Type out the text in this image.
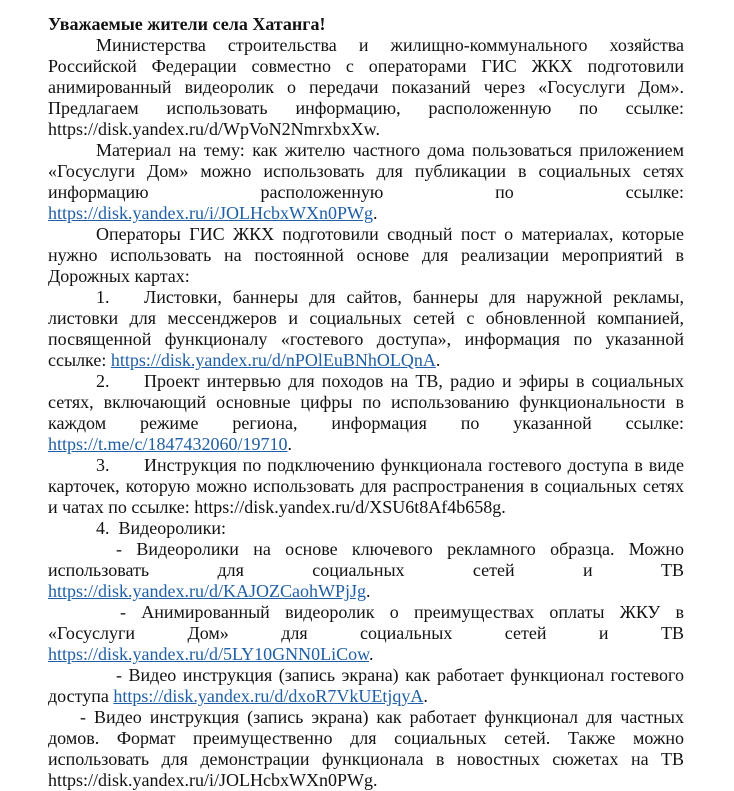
Уважаемые жители села Хатанга!

Министерства строительства и жилищно-коммунального хозяйства Российской Федерации совместно с операторами ГИС ЖКХ подготовили анимированный видеоролик о передачи показаний через «Госуслуги Дом». Предлагаем использовать информацию, расположенную по ссылке: https://disk.yandex.ru/d/WpVoN2NmrxbxXw.

Материал на тему: как жителю частного дома пользоваться приложением «Госуслуги Дом» можно использовать для публикации в социальных сетях информацию расположенную по ссылке: https://disk.yandex.ru/i/JOLHcbxWXn0PWg.

Операторы ГИС ЖКХ подготовили сводный пост о материалах, которые нужно использовать на постоянной основе для реализации мероприятий в Дорожных картах:

1. Листовки, баннеры для сайтов, баннеры для наружной рекламы, листовки для мессенджеров и социальных сетей с обновленной компанией, посвященной функционалу «гостевого доступа», информация по указанной ссылке: https://disk.yandex.ru/d/nPOlEuBNhOLQnA.

2. Проект интервью для походов на ТВ, радио и эфиры в социальных сетях, включающий основные цифры по использованию функциональности в каждом режиме региона, информация по указанной ссылке: https://t.me/c/1847432060/19710.

3. Инструкция по подключению функционала гостевого доступа в виде карточек, которую можно использовать для распространения в социальных сетях и чатах по ссылке: https://disk.yandex.ru/d/XSU6t8Af4b658g.

4. Видеоролики:

- Видеоролики на основе ключевого рекламного образца. Можно использовать для социальных сетей и ТВ https://disk.yandex.ru/d/KAJOZCaohWPjJg.

- Анимированный видеоролик о преимуществах оплаты ЖКУ в «Госуслуги Дом» для социальных сетей и ТВ https://disk.yandex.ru/d/5LY10GNN0LiCow.

- Видео инструкция (запись экрана) как работает функционал гостевого доступа https://disk.yandex.ru/d/dxoR7VkUEtjqyA.

- Видео инструкция (запись экрана) как работает функционал для частных домов. Формат преимущественно для социальных сетей. Также можно использовать для демонстрации функционала в новостных сюжетах на ТВ https://disk.yandex.ru/i/JOLHcbxWXn0PWg.
